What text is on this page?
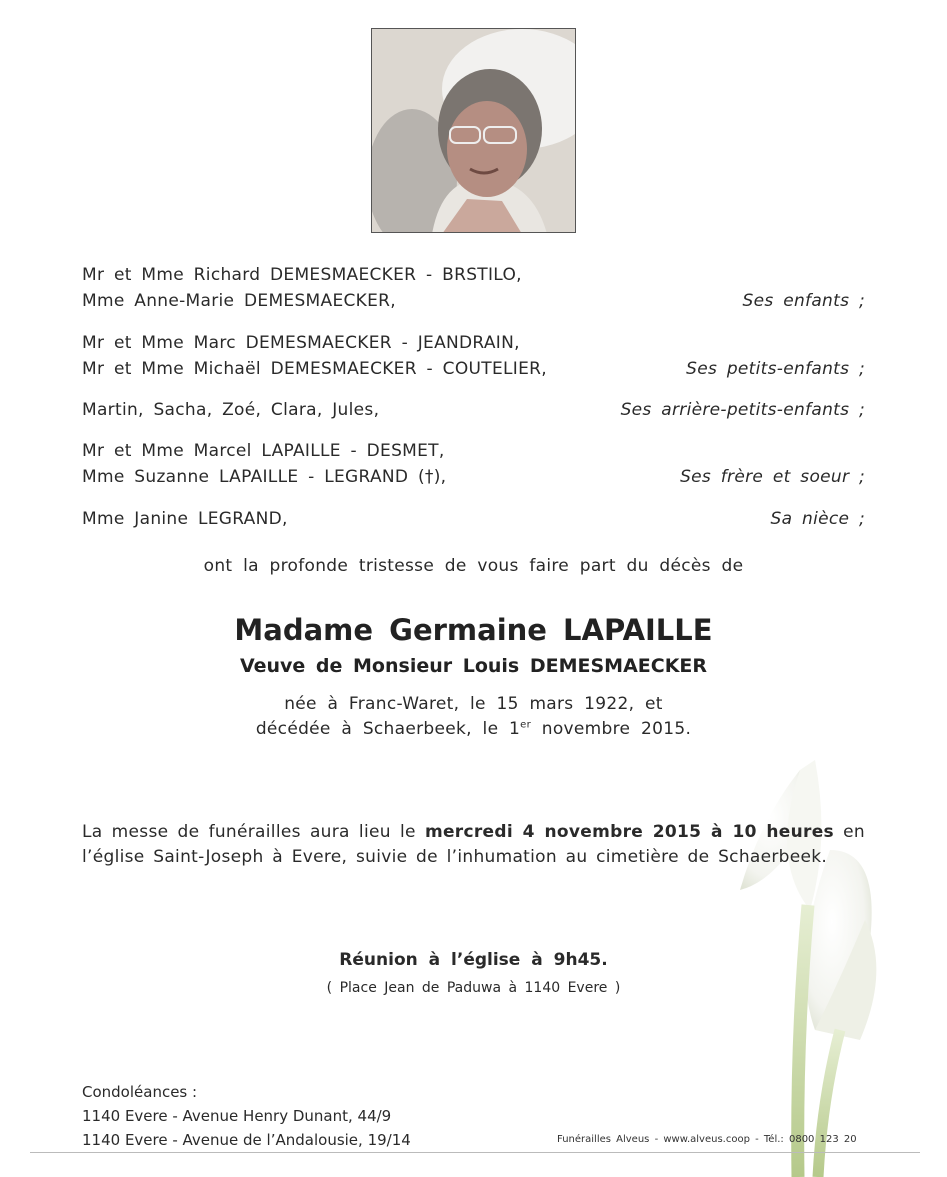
Mr et Mme Richard DEMESMAECKER - BRSTILO,
Mme Anne-Marie DEMESMAECKER,	Ses enfants ;
Mr et Mme Marc DEMESMAECKER - JEANDRAIN,
Mr et Mme Michaël DEMESMAECKER - COUTELIER,	Ses petits-enfants ;
Martin, Sacha, Zoé, Clara, Jules,	Ses arrière-petits-enfants ;
Mr et Mme Marcel LAPAILLE - DESMET,
Mme Suzanne LAPAILLE - LEGRAND (†),	Ses frère et soeur ;
Mme Janine LEGRAND,	Sa nièce ;
ont la profonde tristesse de vous faire part du décès de
Madame Germaine LAPAILLE
Veuve de Monsieur Louis DEMESMAECKER
née à Franc-Waret, le 15 mars 1922, et
décédée à Schaerbeek, le 1er novembre 2015.

La messe de funérailles aura lieu le mercredi 4 novembre 2015 à 10 heures en

l’église Saint-Joseph à Evere, suivie de l’inhumation au cimetière de Schaerbeek.

Réunion à l’église à 9h45.
( Place Jean de Paduwa à 1140 Evere )
Condoléances :
1140 Evere - Avenue Henry Dunant, 44/9
1140 Evere - Avenue de l’Andalousie, 19/14	Funérailles Alveus - www.alveus.coop - Tél.: 0800 123 20
